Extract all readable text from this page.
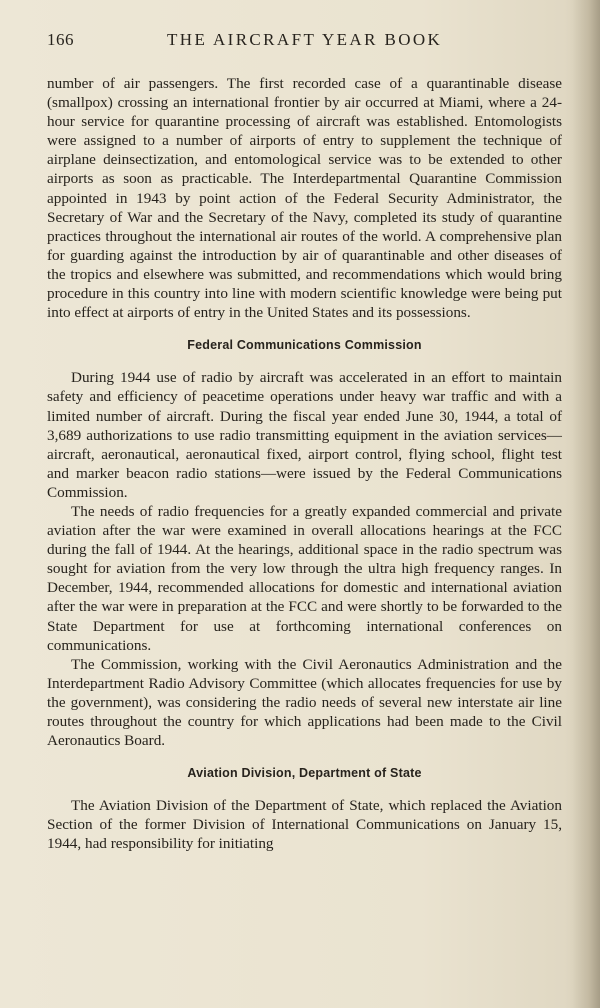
166	THE AIRCRAFT YEAR BOOK

number of air passengers. The first recorded case of a quarantinable disease (smallpox) crossing an international frontier by air occurred at Miami, where a 24-hour service for quarantine processing of aircraft was established. Entomologists were assigned to a number of airports of entry to supplement the technique of airplane deinsectization, and entomological service was to be extended to other airports as soon as practicable. The Interdepartmental Quarantine Commission appointed in 1943 by point action of the Federal Security Administrator, the Secretary of War and the Secretary of the Navy, completed its study of quarantine practices throughout the international air routes of the world. A comprehensive plan for guarding against the introduction by air of quarantinable and other diseases of the tropics and elsewhere was submitted, and recommendations which would bring procedure in this country into line with modern scientific knowledge were being put into effect at airports of entry in the United States and its possessions.

Federal Communications Commission

During 1944 use of radio by aircraft was accelerated in an effort to maintain safety and efficiency of peacetime operations under heavy war traffic and with a limited number of aircraft. During the fiscal year ended June 30, 1944, a total of 3,689 authorizations to use radio transmitting equipment in the aviation services—aircraft, aeronautical, aeronautical fixed, airport control, flying school, flight test and marker beacon radio stations—were issued by the Federal Communications Commission.

The needs of radio frequencies for a greatly expanded commercial and private aviation after the war were examined in overall allocations hearings at the FCC during the fall of 1944. At the hearings, additional space in the radio spectrum was sought for aviation from the very low through the ultra high frequency ranges. In December, 1944, recommended allocations for domestic and international aviation after the war were in preparation at the FCC and were shortly to be forwarded to the State Department for use at forthcoming international conferences on communications.

The Commission, working with the Civil Aeronautics Administration and the Interdepartment Radio Advisory Committee (which allocates frequencies for use by the government), was considering the radio needs of several new interstate air line routes throughout the country for which applications had been made to the Civil Aeronautics Board.

Aviation Division, Department of State

The Aviation Division of the Department of State, which replaced the Aviation Section of the former Division of International Communications on January 15, 1944, had responsibility for initiating
